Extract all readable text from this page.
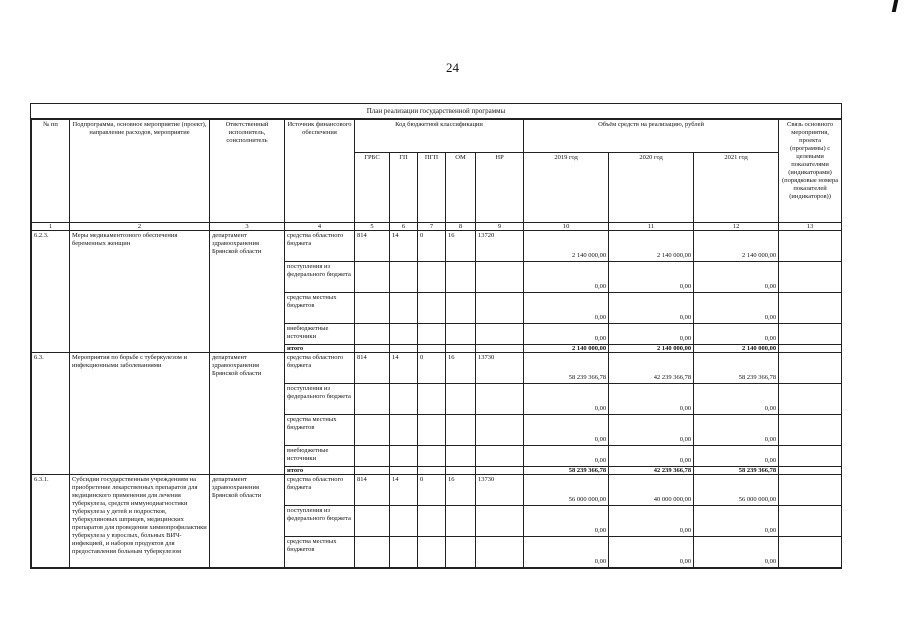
24
План реализации государственной программы
№ пп	Подпрограмма, основное мероприятие (проект), направление расходов, мероприятие	Ответственный исполнитель, соисполнитель	Источник финансового обеспечения	Код бюджетной классификации					Объём средств на реализацию, рублей			Связь основного мероприятия, проекта (программы) с целевыми показателями (индикаторами) (порядковые номера показателей (индикаторов))
				ГРБС	ГП	ПГП	ОМ	НР	2019 год	2020 год	2021 год	
1	2	3	4	5	6	7	8	9	10	11	12	13
6.2.3.	Меры медикаментозного обеспечения беременных женщин	департамент здравоохранения Брянской области	средства областного бюджета	814	14	0	16	13720	2 140 000,00	2 140 000,00	2 140 000,00	
			поступления из федерального бюджета						0,00	0,00	0,00	
			средства местных бюджетов						0,00	0,00	0,00	
			внебюджетные источники						0,00	0,00	0,00	
			итого						2 140 000,00	2 140 000,00	2 140 000,00	
6.3.	Мероприятия по борьбе с туберкулезом и инфекционными заболеваниями	департамент здравоохранения Брянской области	средства областного бюджета	814	14	0	16	13730	58 239 366,78	42 239 366,78	58 239 366,78	
			поступления из федерального бюджета						0,00	0,00	0,00	
			средства местных бюджетов						0,00	0,00	0,00	
			внебюджетные источники						0,00	0,00	0,00	
			итого						58 239 366,78	42 239 366,78	58 239 366,78	
6.3.1.	Субсидии государственным учреждениям на приобретение лекарственных препаратов для медицинского применения для лечения туберкулеза, средств иммунодиагностики туберкулеза у детей и подростков, туберкулиновых шприцев, медицинских препаратов для проведения химиопрофилактики туберкулеза у взрослых, больных ВИЧ-инфекцией, и наборов продуктов для предоставления больным туберкулезом	департамент здравоохранения Брянской области	средства областного бюджета	814	14	0	16	13730	56 000 000,00	40 000 000,00	56 000 000,00	
			поступления из федерального бюджета						0,00	0,00	0,00	
			средства местных бюджетов						0,00	0,00	0,00	
